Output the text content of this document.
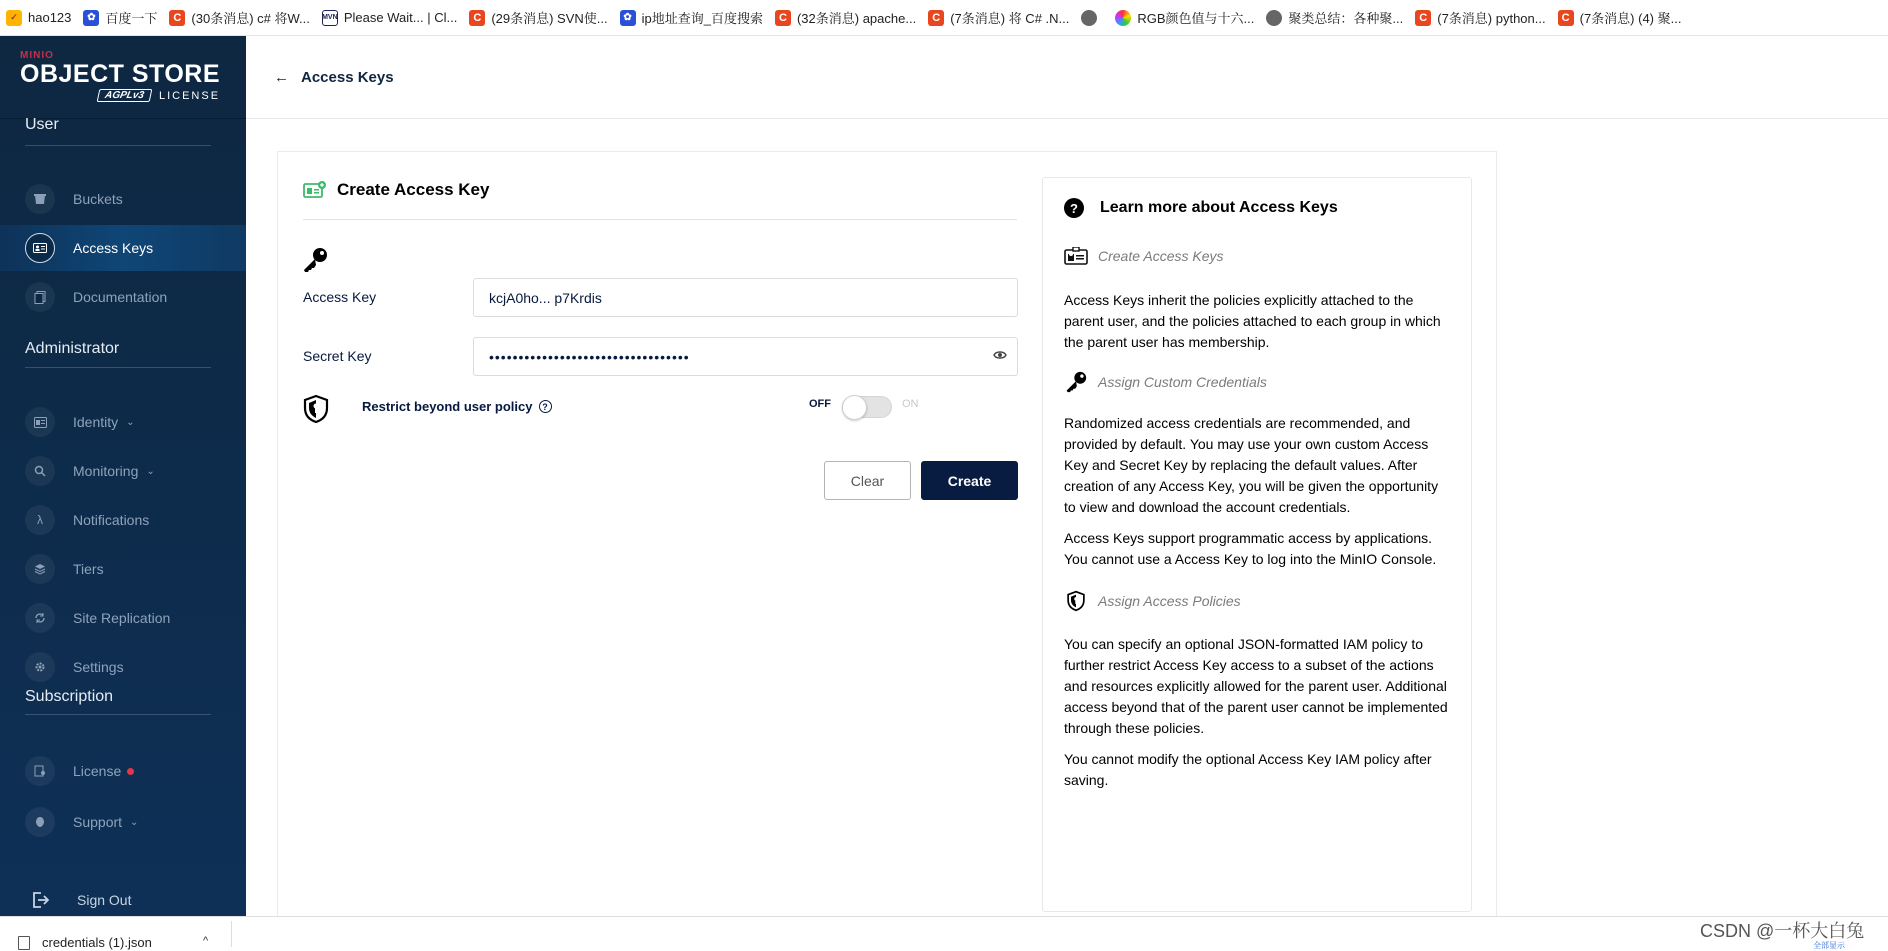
✓ hao123	✿ 百度一下	C (30条消息) c# 将W... MVN Please Wait... | Cl...	C (29条消息) SVN使...	✿ ip地址查询_百度搜索	C (32条消息) apache...	C (7条消息) 将 C# .N...	RGB颜色值与十六...	聚类总结：各种聚...	C (7条消息) python...	C (7条消息) (4) 聚...
MINIO
OBJECT STORE
AGPLv3	LICENSE
User
Buckets
Access Keys
Documentation
Administrator
Identity ⌄
Monitoring ⌄
λ	Notifications
Tiers
Site Replication
Settings
Subscription
License
Support ⌄
Sign Out
← Access Keys
Create Access Key
Access Key	kcjA0ho... p7Krdis
Secret Key	••••••••••••••••••••••••••••••••••
Restrict beyond user policy	?	OFF	ON
Clear	Create
?	Learn more about Access Keys
Create Access Keys

Access Keys inherit the policies explicitly attached to the parent user, and the policies attached to each group in which the parent user has membership.

Assign Custom Credentials

Randomized access credentials are recommended, and provided by default. You may use your own custom Access Key and Secret Key by replacing the default values. After creation of any Access Key, you will be given the opportunity to view and download the account credentials.

Access Keys support programmatic access by applications. You cannot use a Access Key to log into the MinIO Console.

Assign Access Policies

You can specify an optional JSON-formatted IAM policy to further restrict Access Key access to a subset of the actions and resources explicitly allowed for the parent user. Additional access beyond that of the parent user cannot be implemented through these policies.

You cannot modify the optional Access Key IAM policy after saving.

credentials (1).json	^	CSDN @一杯大白兔
全部显示
